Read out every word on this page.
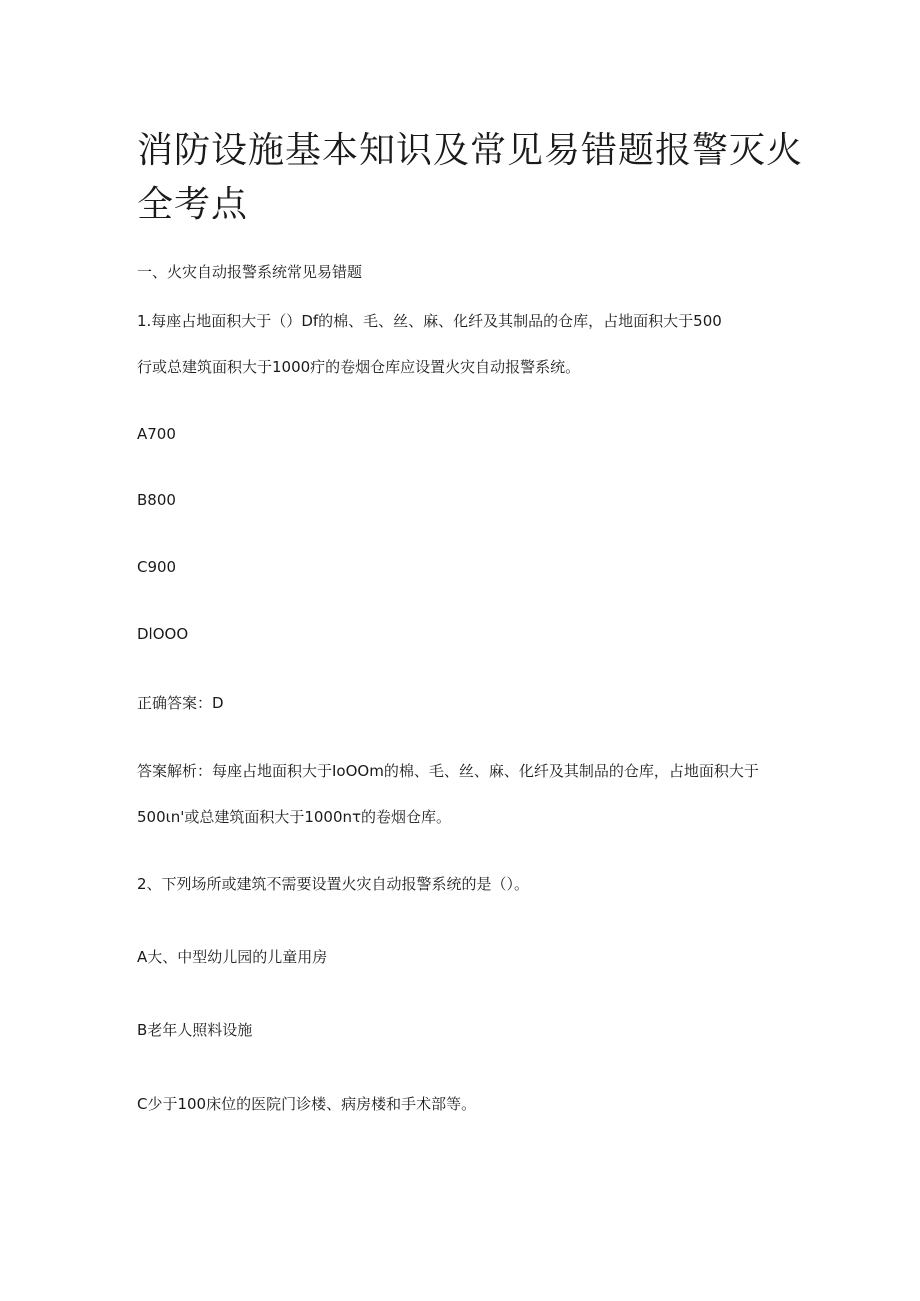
消防设施基本知识及常见易错题报警灭火
全考点

一、火灾自动报警系统常见易错题

1.每座占地面积大于（）Df的棉、毛、丝、麻、化纤及其制品的仓库，占地面积大于500

行或总建筑面积大于1000疔的卷烟仓库应设置火灾自动报警系统。

A700

B800

C900

DlOOO

正确答案：D

答案解析：每座占地面积大于IoOOm的棉、毛、丝、麻、化纤及其制品的仓库，占地面积大于

500ιn'或总建筑面积大于1000nτ的卷烟仓库。

2、下列场所或建筑不需要设置火灾自动报警系统的是（）。

A大、中型幼儿园的儿童用房

B老年人照料设施

C少于100床位的医院门诊楼、病房楼和手术部等。
